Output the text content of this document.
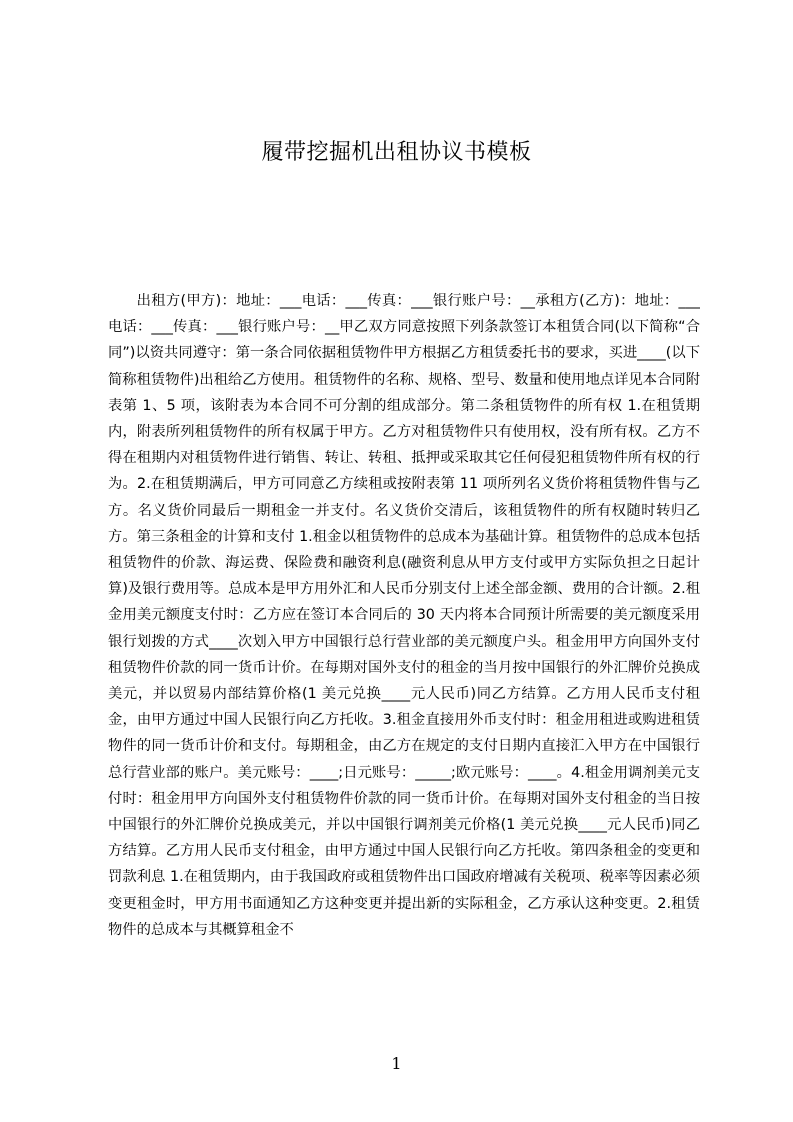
履带挖掘机出租协议书模板

出租方(甲方)：地址：___电话：___传真：___银行账户号：__承租方(乙方)：地址：___电话：___传真：___银行账户号：__甲乙双方同意按照下列条款签订本租赁合同(以下简称“合同”)以资共同遵守：第一条合同依据租赁物件甲方根据乙方租赁委托书的要求，买进____(以下简称租赁物件)出租给乙方使用。租赁物件的名称、规格、型号、数量和使用地点详见本合同附表第 1、5 项，该附表为本合同不可分割的组成部分。第二条租赁物件的所有权 1.在租赁期内，附表所列租赁物件的所有权属于甲方。乙方对租赁物件只有使用权，没有所有权。乙方不得在租期内对租赁物件进行销售、转让、转租、抵押或采取其它任何侵犯租赁物件所有权的行为。2.在租赁期满后，甲方可同意乙方续租或按附表第 11 项所列名义货价将租赁物件售与乙方。名义货价同最后一期租金一并支付。名义货价交清后，该租赁物件的所有权随时转归乙方。第三条租金的计算和支付 1.租金以租赁物件的总成本为基础计算。租赁物件的总成本包括租赁物件的价款、海运费、保险费和融资利息(融资利息从甲方支付或甲方实际负担之日起计算)及银行费用等。总成本是甲方用外汇和人民币分别支付上述全部金额、费用的合计额。2.租金用美元额度支付时：乙方应在签订本合同后的 30 天内将本合同预计所需要的美元额度采用银行划拨的方式____次划入甲方中国银行总行营业部的美元额度户头。租金用甲方向国外支付租赁物件价款的同一货币计价。在每期对国外支付的租金的当月按中国银行的外汇牌价兑换成美元，并以贸易内部结算价格(1 美元兑换____元人民币)同乙方结算。乙方用人民币支付租金，由甲方通过中国人民银行向乙方托收。3.租金直接用外币支付时：租金用租进或购进租赁物件的同一货币计价和支付。每期租金，由乙方在规定的支付日期内直接汇入甲方在中国银行总行营业部的账户。美元账号：____;日元账号：_____;欧元账号：____。4.租金用调剂美元支付时：租金用甲方向国外支付租赁物件价款的同一货币计价。在每期对国外支付租金的当日按中国银行的外汇牌价兑换成美元，并以中国银行调剂美元价格(1 美元兑换____元人民币)同乙方结算。乙方用人民币支付租金，由甲方通过中国人民银行向乙方托收。第四条租金的变更和罚款利息 1.在租赁期内，由于我国政府或租赁物件出口国政府增减有关税项、税率等因素必须变更租金时，甲方用书面通知乙方这种变更并提出新的实际租金，乙方承认这种变更。2.租赁物件的总成本与其概算租金不

1
